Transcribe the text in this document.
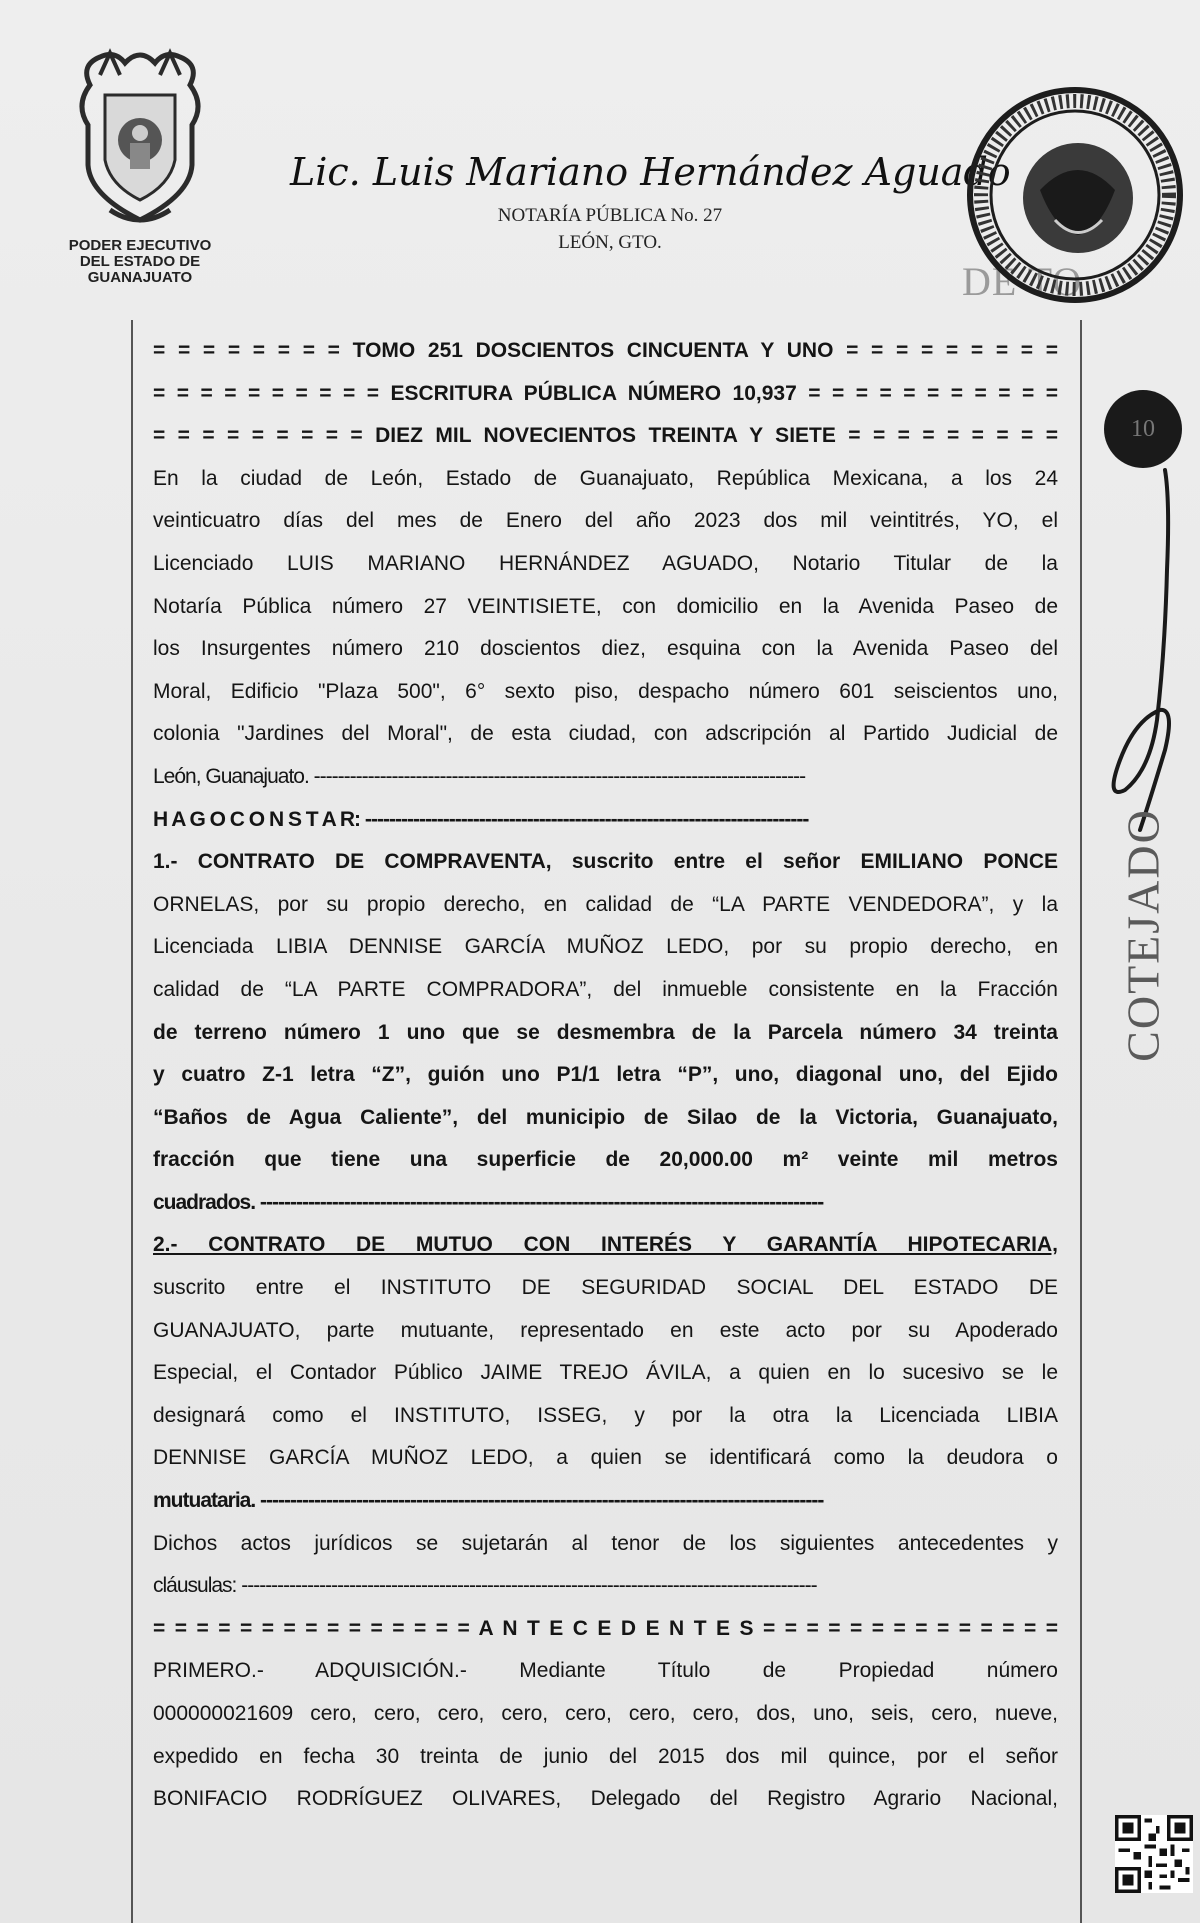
PODER EJECUTIVO
DEL ESTADO DE
GUANAJUATO
Lic. Luis Mariano Hernández Aguado
NOTARÍA PÚBLICA No. 27
LEÓN, GTO.
DE TO
10
COTEJADO
= = = = = = = = TOMO 251 DOSCIENTOS CINCUENTA Y UNO = = = = = = = = =
= = = = = = = = = = ESCRITURA PÚBLICA NÚMERO 10,937 = = = = = = = = = = =
= = = = = = = = = DIEZ MIL NOVECIENTOS TREINTA Y SIETE = = = = = = = = =
En la ciudad de León, Estado de Guanajuato, República Mexicana, a los 24
veinticuatro días del mes de Enero del año 2023 dos mil veintitrés, YO, el
Licenciado LUIS MARIANO HERNÁNDEZ AGUADO, Notario Titular de la
Notaría Pública número 27 VEINTISIETE, con domicilio en la Avenida Paseo de
los Insurgentes número 210 doscientos diez, esquina con la Avenida Paseo del
Moral, Edificio "Plaza 500", 6° sexto piso, despacho número 601 seiscientos uno,
colonia "Jardines del Moral", de esta ciudad, con adscripción al Partido Judicial de
León, Guanajuato. ----------------------------------------------------------------------------------
H A G O C O N S T A R: --------------------------------------------------------------------------
1.- CONTRATO DE COMPRAVENTA, suscrito entre el señor EMILIANO PONCE
ORNELAS, por su propio derecho, en calidad de “LA PARTE VENDEDORA”, y la
Licenciada LIBIA DENNISE GARCÍA MUÑOZ LEDO, por su propio derecho, en
calidad de “LA PARTE COMPRADORA”, del inmueble consistente en la Fracción
de terreno número 1 uno que se desmembra de la Parcela número 34 treinta
y cuatro Z-1 letra “Z”, guión uno P1/1 letra “P”, uno, diagonal uno, del Ejido
“Baños de Agua Caliente”, del municipio de Silao de la Victoria, Guanajuato,
fracción que tiene una superficie de 20,000.00 m² veinte mil metros
cuadrados. ----------------------------------------------------------------------------------------------
2.- CONTRATO DE MUTUO CON INTERÉS Y GARANTÍA HIPOTECARIA,
suscrito entre el INSTITUTO DE SEGURIDAD SOCIAL DEL ESTADO DE
GUANAJUATO, parte mutuante, representado en este acto por su Apoderado
Especial, el Contador Público JAIME TREJO ÁVILA, a quien en lo sucesivo se le
designará como el INSTITUTO, ISSEG, y por la otra la Licenciada LIBIA
DENNISE GARCÍA MUÑOZ LEDO, a quien se identificará como la deudora o
mutuataria. ----------------------------------------------------------------------------------------------
Dichos actos jurídicos se sujetarán al tenor de los siguientes antecedentes y
cláusulas: ------------------------------------------------------------------------------------------------
= = = = = = = = = = = = = = = A N T E C E D E N T E S = = = = = = = = = = = = = =
PRIMERO.- ADQUISICIÓN.- Mediante Título de Propiedad número
000000021609 cero, cero, cero, cero, cero, cero, cero, dos, uno, seis, cero, nueve,
expedido en fecha 30 treinta de junio del 2015 dos mil quince, por el señor
BONIFACIO RODRÍGUEZ OLIVARES, Delegado del Registro Agrario Nacional,
